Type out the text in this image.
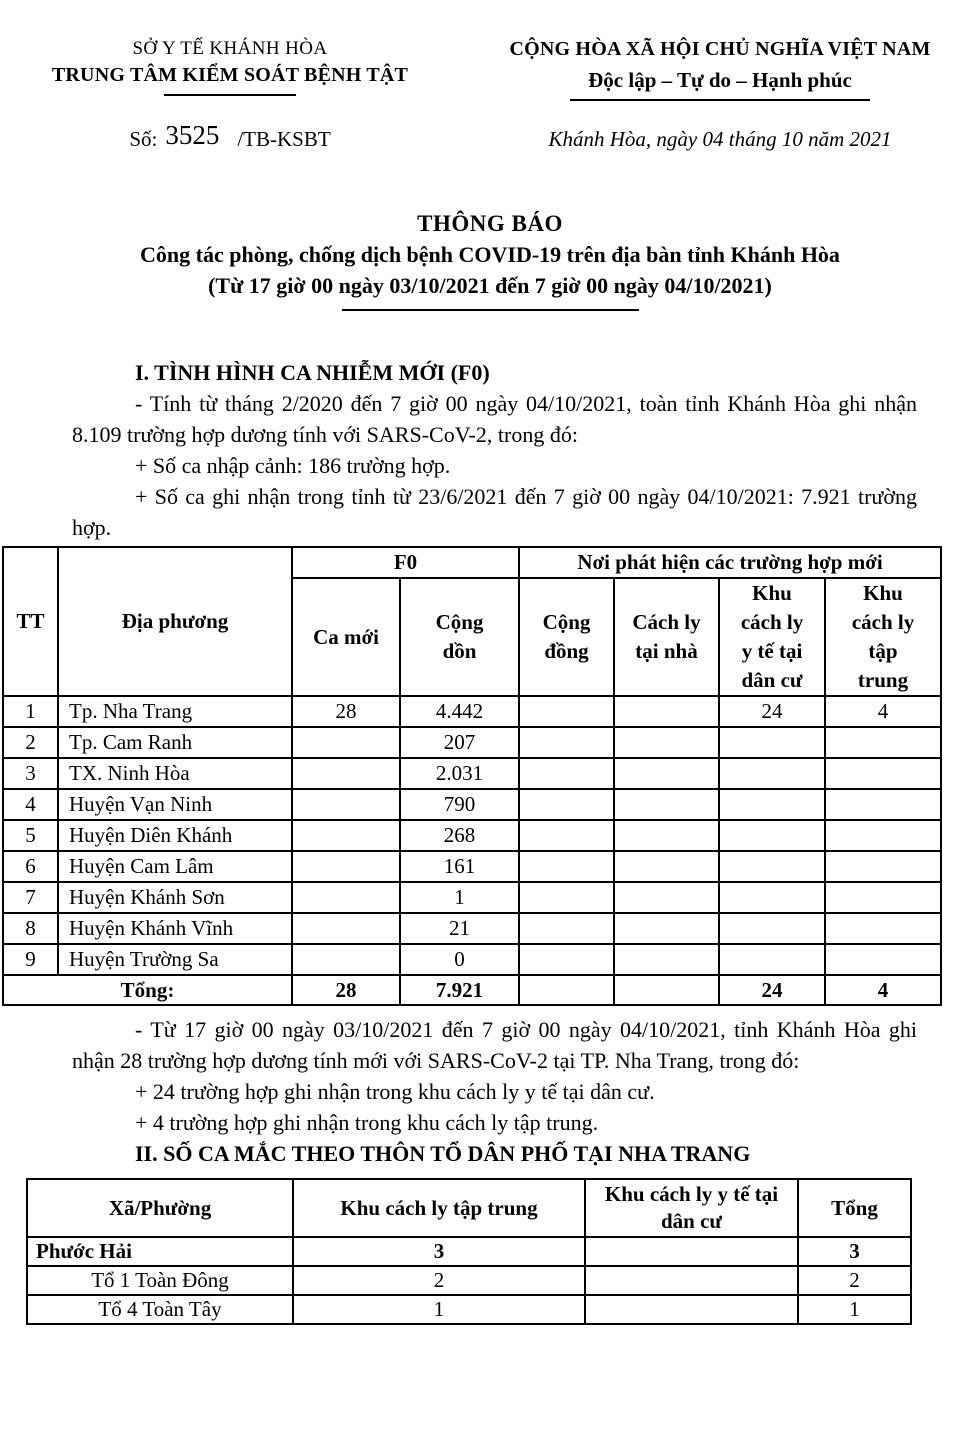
SỞ Y TẾ KHÁNH HÒA
TRUNG TÂM KIỂM SOÁT BỆNH TẬT
Số: 3525 /TB-KSBT
CỘNG HÒA XÃ HỘI CHỦ NGHĨA VIỆT NAM
Độc lập – Tự do – Hạnh phúc
Khánh Hòa, ngày 04 tháng 10 năm 2021
THÔNG BÁO
Công tác phòng, chống dịch bệnh COVID-19 trên địa bàn tỉnh Khánh Hòa
(Từ 17 giờ 00 ngày 03/10/2021 đến 7 giờ 00 ngày 04/10/2021)
I. TÌNH HÌNH CA NHIỄM MỚI (F0)

- Tính từ tháng 2/2020 đến 7 giờ 00 ngày 04/10/2021, toàn tỉnh Khánh Hòa ghi nhận 8.109 trường hợp dương tính với SARS-CoV-2, trong đó:

+ Số ca nhập cảnh: 186 trường hợp.

+ Số ca ghi nhận trong tỉnh từ 23/6/2021 đến 7 giờ 00 ngày 04/10/2021: 7.921 trường hợp.

TT	Địa phương	F0		Nơi phát hiện các trường hợp mới			
		Ca mới	Cộng dồn	Cộng đồng	Cách ly tại nhà	Khu cách ly y tế tại dân cư	Khu cách ly tập trung
1	Tp. Nha Trang	28	4.442			24	4
2	Tp. Cam Ranh		207				
3	TX. Ninh Hòa		2.031				
4	Huyện Vạn Ninh		790				
5	Huyện Diên Khánh		268				
6	Huyện Cam Lâm		161				
7	Huyện Khánh Sơn		1				
8	Huyện Khánh Vĩnh		21				
9	Huyện Trường Sa		0				
Tổng:		28	7.921			24	4

- Từ 17 giờ 00 ngày 03/10/2021 đến 7 giờ 00 ngày 04/10/2021, tỉnh Khánh Hòa ghi nhận 28 trường hợp dương tính mới với SARS-CoV-2 tại TP. Nha Trang, trong đó:

+ 24 trường hợp ghi nhận trong khu cách ly y tế tại dân cư.

+ 4 trường hợp ghi nhận trong khu cách ly tập trung.

II. SỐ CA MẮC THEO THÔN TỔ DÂN PHỐ TẠI NHA TRANG
Xã/Phường	Khu cách ly tập trung	Khu cách ly y tế tại dân cư	Tổng
Phước Hải	3		3
Tổ 1 Toàn Đông	2		2
Tổ 4 Toàn Tây	1		1
